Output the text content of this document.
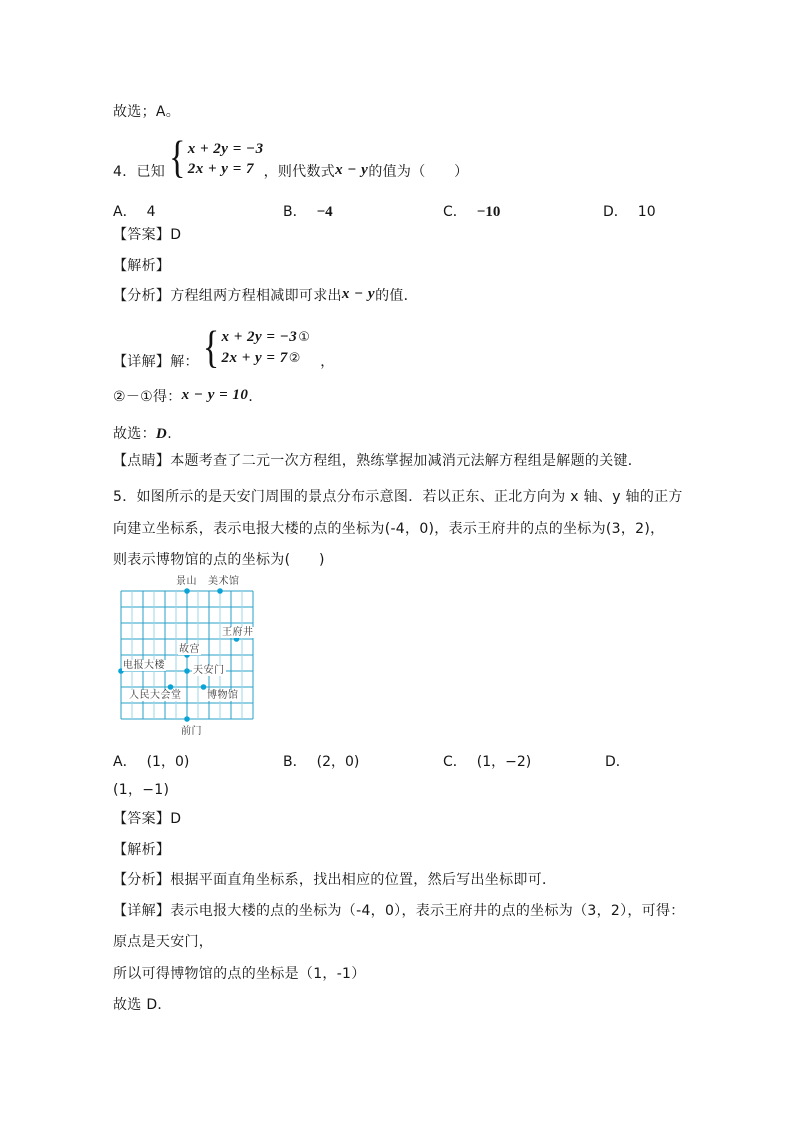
故选；A。
4．已知 { x + 2y = −3
2x + y = 7 ，则代数式 x − y 的值为（　　）
A． 4	B． −4	C． −10	D． 10
【答案】D
【解析】
【分析】方程组两方程相减即可求出x − y的值．
【详解】 解： { x + 2y = −3①
2x + y = 7②	，
②－①得：x − y = 10．
故选：D.
【点睛】本题考查了二元一次方程组，熟练掌握加减消元法解方程组是解题的关键．
5．如图所示的是天安门周围的景点分布示意图．若以正东、正北方向为 x 轴、y 轴的正方
向建立坐标系，表示电报大楼的点的坐标为(-4，0)，表示王府井的点的坐标为(3，2)，
则表示博物馆的点的坐标为(　　)
景山 美术馆
王府井
故宫
电报大楼	天安门
人民大会堂	博物馆
前门
A． (1，0)	B． (2，0)	C． (1，−2)	D．
(1，−1)
【答案】D
【解析】
【分析】根据平面直角坐标系，找出相应的位置，然后写出坐标即可．
【详解】表示电报大楼的点的坐标为（-4，0），表示王府井的点的坐标为（3，2），可得：
原点是天安门，
所以可得博物馆的点的坐标是（1，-1）
故选 D．
